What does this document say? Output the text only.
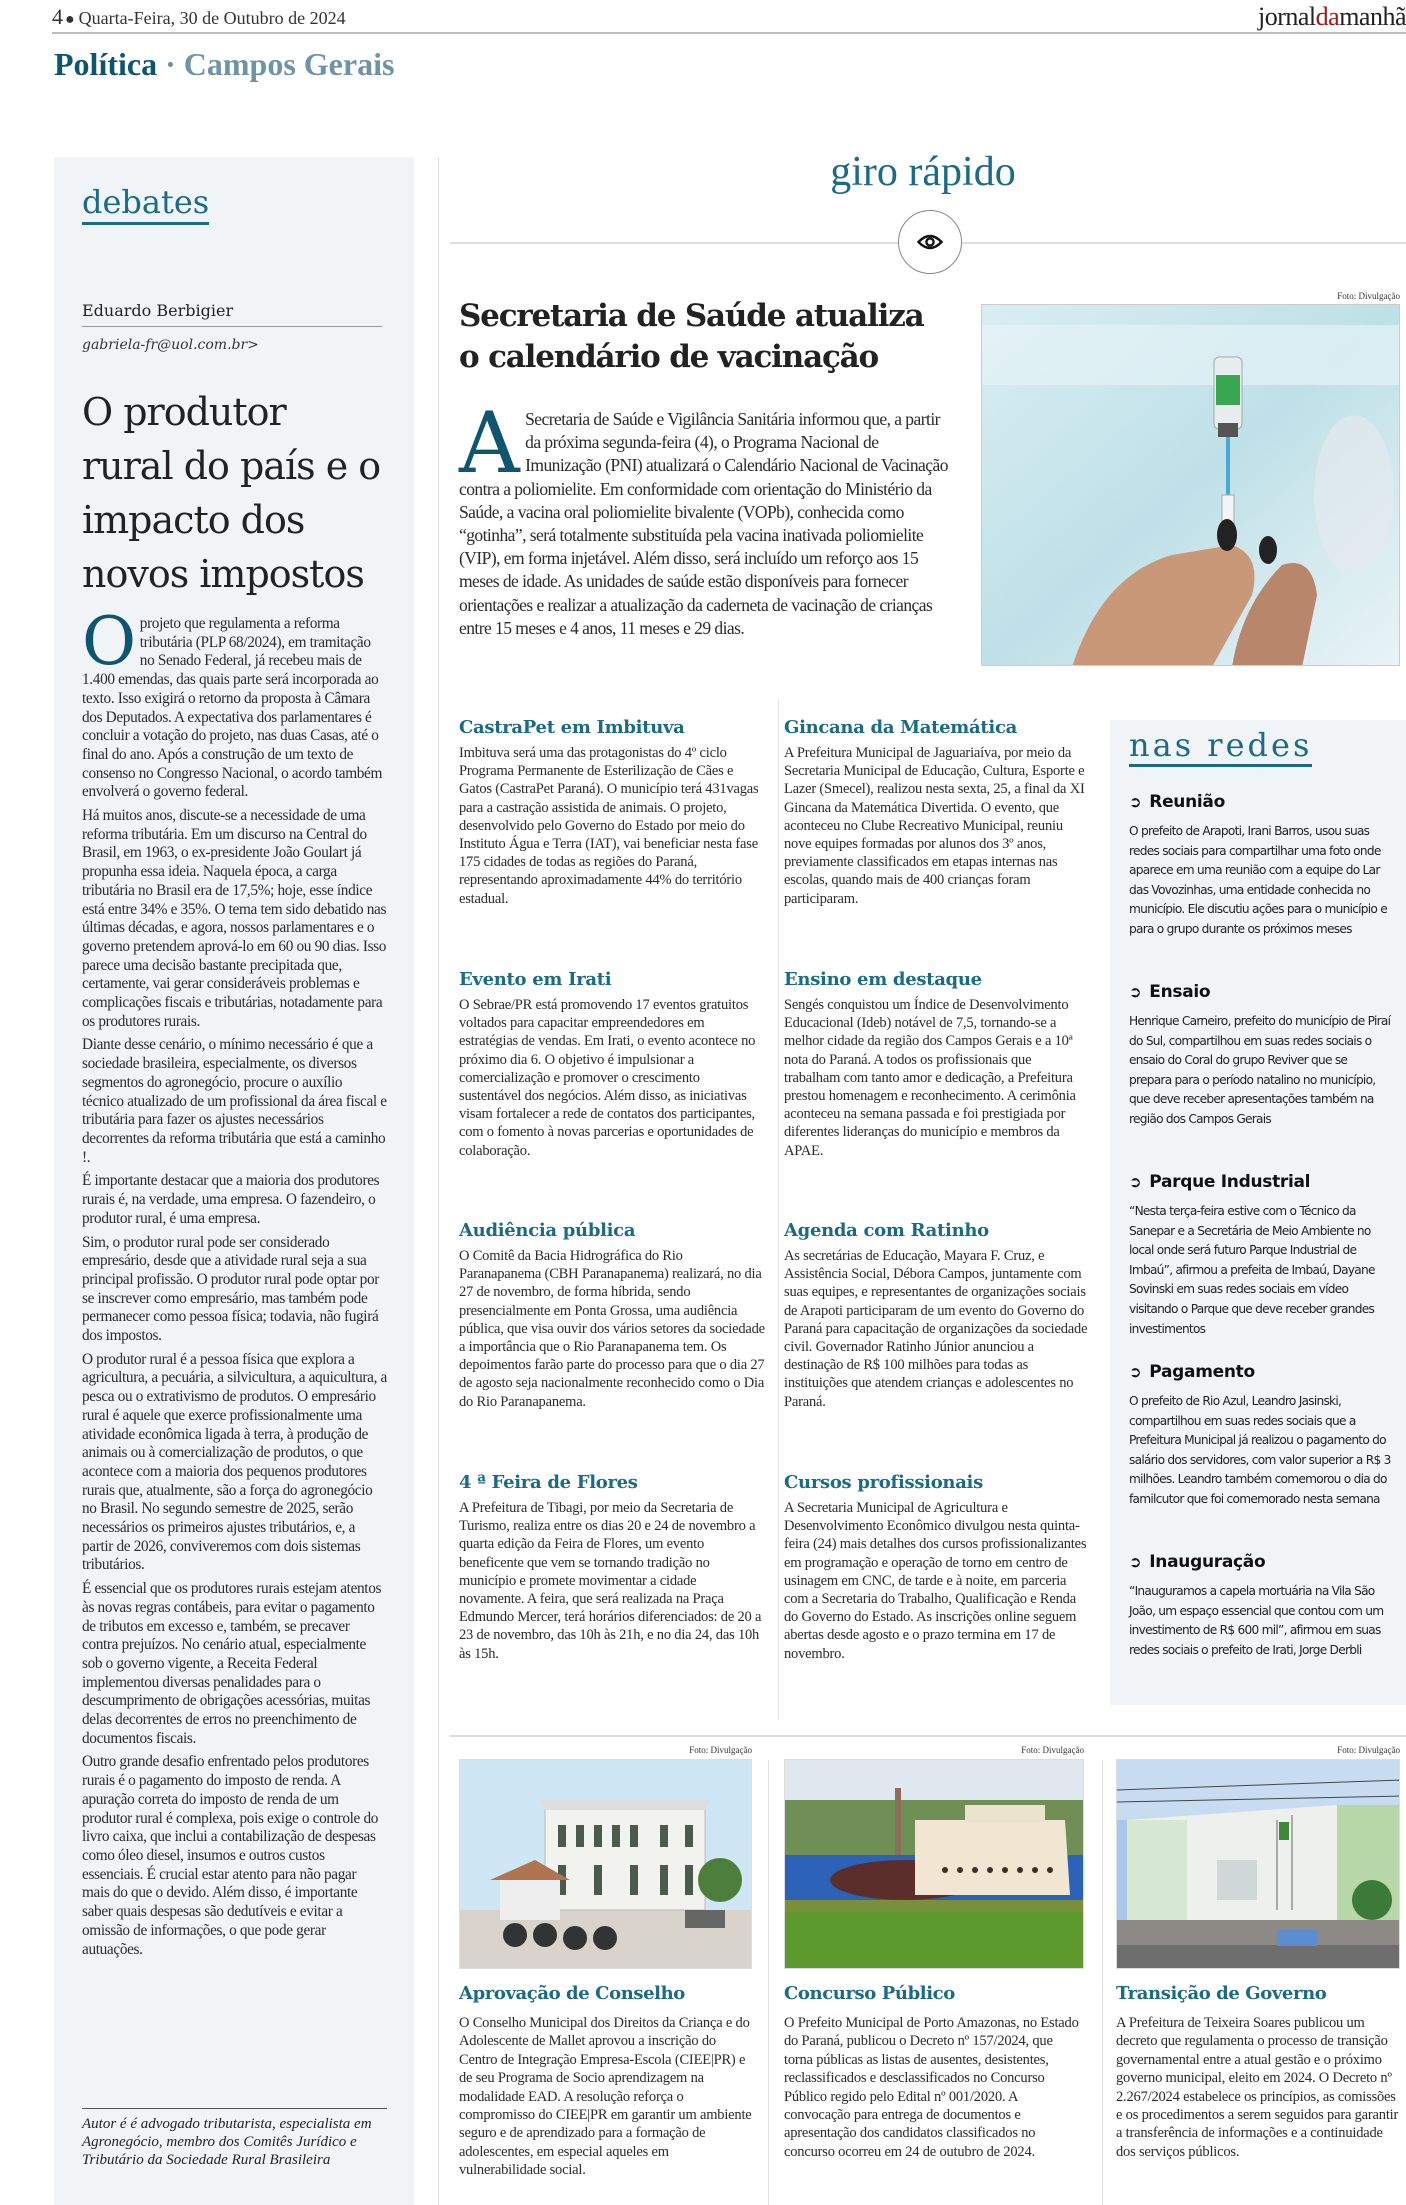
4 ● Quarta-Feira, 30 de Outubro de 2024	jornaldamanhã
Política · Campos Gerais
debates
Eduardo Berbigier
gabriela-fr@uol.com.br>
O produtor rural do país e o impacto dos novos impostos

O projeto que regulamenta a reforma tributária (PLP 68/2024), em tramitação no Senado Federal, já recebeu mais de 1.400 emendas, das quais parte será incorporada ao texto. Isso exigirá o retorno da proposta à Câmara dos Deputados. A expectativa dos parlamentares é concluir a votação do projeto, nas duas Casas, até o final do ano. Após a construção de um texto de consenso no Congresso Nacional, o acordo também envolverá o governo federal.

Há muitos anos, discute-se a necessidade de uma reforma tributária. Em um discurso na Central do Brasil, em 1963, o ex-presidente João Goulart já propunha essa ideia. Naquela época, a carga tributária no Brasil era de 17,5%; hoje, esse índice está entre 34% e 35%. O tema tem sido debatido nas últimas décadas, e agora, nossos parlamentares e o governo pretendem aprová-lo em 60 ou 90 dias. Isso parece uma decisão bastante precipitada que, certamente, vai gerar consideráveis problemas e complicações fiscais e tributárias, notadamente para os produtores rurais.

Diante desse cenário, o mínimo necessário é que a sociedade brasileira, especialmente, os diversos segmentos do agronegócio, procure o auxílio técnico atualizado de um profissional da área fiscal e tributária para fazer os ajustes necessários decorrentes da reforma tributária que está a caminho !.

É importante destacar que a maioria dos produtores rurais é, na verdade, uma empresa. O fazendeiro, o produtor rural, é uma empresa.

Sim, o produtor rural pode ser considerado empresário, desde que a atividade rural seja a sua principal profissão. O produtor rural pode optar por se inscrever como empresário, mas também pode permanecer como pessoa física; todavia, não fugirá dos impostos.

O produtor rural é a pessoa física que explora a agricultura, a pecuária, a silvicultura, a aquicultura, a pesca ou o extrativismo de produtos. O empresário rural é aquele que exerce profissionalmente uma atividade econômica ligada à terra, à produção de animais ou à comercialização de produtos, o que acontece com a maioria dos pequenos produtores rurais que, atualmente, são a força do agronegócio no Brasil. No segundo semestre de 2025, serão necessários os primeiros ajustes tributários, e, a partir de 2026, conviveremos com dois sistemas tributários.

É essencial que os produtores rurais estejam atentos às novas regras contábeis, para evitar o pagamento de tributos em excesso e, também, se precaver contra prejuízos. No cenário atual, especialmente sob o governo vigente, a Receita Federal implementou diversas penalidades para o descumprimento de obrigações acessórias, muitas delas decorrentes de erros no preenchimento de documentos fiscais.

Outro grande desafio enfrentado pelos produtores rurais é o pagamento do imposto de renda. A apuração correta do imposto de renda de um produtor rural é complexa, pois exige o controle do livro caixa, que inclui a contabilização de despesas como óleo diesel, insumos e outros custos essenciais. É crucial estar atento para não pagar mais do que o devido. Além disso, é importante saber quais despesas são dedutíveis e evitar a omissão de informações, o que pode gerar autuações.

Autor é é advogado tributarista, especialista em Agronegócio, membro dos Comitês Jurídico e Tributário da Sociedade Rural Brasileira
giro rápido
Secretaria de Saúde atualiza o calendário de vacinação
A Secretaria de Saúde e Vigilância Sanitária informou que, a partir da próxima segunda-feira (4), o Programa Nacional de Imunização (PNI) atualizará o Calendário Nacional de Vacinação contra a poliomielite. Em conformidade com orientação do Ministério da Saúde, a vacina oral poliomielite bivalente (VOPb), conhecida como “gotinha”, será totalmente substituída pela vacina inativada poliomielite (VIP), em forma injetável. Além disso, será incluído um reforço aos 15 meses de idade. As unidades de saúde estão disponíveis para fornecer orientações e realizar a atualização da caderneta de vacinação de crianças entre 15 meses e 4 anos, 11 meses e 29 dias.
Foto: Divulgação
CastraPet em Imbituva

Imbituva será uma das protagonistas do 4º ciclo Programa Permanente de Esterilização de Cães e Gatos (CastraPet Paraná). O município terá 431vagas para a castração assistida de animais. O projeto, desenvolvido pelo Governo do Estado por meio do Instituto Água e Terra (IAT), vai beneficiar nesta fase 175 cidades de todas as regiões do Paraná, representando aproximadamente 44% do território estadual.

Evento em Irati

O Sebrae/PR está promovendo 17 eventos gratuitos voltados para capacitar empreendedores em estratégias de vendas. Em Irati, o evento acontece no próximo dia 6. O objetivo é impulsionar a comercialização e promover o crescimento sustentável dos negócios. Além disso, as iniciativas visam fortalecer a rede de contatos dos participantes, com o fomento à novas parcerias e oportunidades de colaboração.

Audiência pública

O Comitê da Bacia Hidrográfica do Rio Paranapanema (CBH Paranapanema) realizará, no dia 27 de novembro, de forma híbrida, sendo presencialmente em Ponta Grossa, uma audiência pública, que visa ouvir dos vários setores da sociedade a importância que o Rio Paranapanema tem. Os depoimentos farão parte do processo para que o dia 27 de agosto seja nacionalmente reconhecido como o Dia do Rio Paranapanema.

4 ª Feira de Flores

A Prefeitura de Tibagi, por meio da Secretaria de Turismo, realiza entre os dias 20 e 24 de novembro a quarta edição da Feira de Flores, um evento beneficente que vem se tornando tradição no município e promete movimentar a cidade novamente. A feira, que será realizada na Praça Edmundo Mercer, terá horários diferenciados: de 20 a 23 de novembro, das 10h às 21h, e no dia 24, das 10h às 15h.

Gincana da Matemática

A Prefeitura Municipal de Jaguariaíva, por meio da Secretaria Municipal de Educação, Cultura, Esporte e Lazer (Smecel), realizou nesta sexta, 25, a final da XI Gincana da Matemática Divertida. O evento, que aconteceu no Clube Recreativo Municipal, reuniu nove equipes formadas por alunos dos 3º anos, previamente classificados em etapas internas nas escolas, quando mais de 400 crianças foram participaram.

Ensino em destaque

Sengés conquistou um Índice de Desenvolvimento Educacional (Ideb) notável de 7,5, tornando-se a melhor cidade da região dos Campos Gerais e a 10ª nota do Paraná. A todos os profissionais que trabalham com tanto amor e dedicação, a Prefeitura prestou homenagem e reconhecimento. A cerimônia aconteceu na semana passada e foi prestigiada por diferentes lideranças do município e membros da APAE.

Agenda com Ratinho

As secretárias de Educação, Mayara F. Cruz, e Assistência Social, Débora Campos, juntamente com suas equipes, e representantes de organizações sociais de Arapoti participaram de um evento do Governo do Paraná para capacitação de organizações da sociedade civil. Governador Ratinho Júnior anunciou a destinação de R$ 100 milhões para todas as instituições que atendem crianças e adolescentes no Paraná.

Cursos profissionais

A Secretaria Municipal de Agricultura e Desenvolvimento Econômico divulgou nesta quinta-feira (24) mais detalhes dos cursos profissionalizantes em programação e operação de torno em centro de usinagem em CNC, de tarde e à noite, em parceria com a Secretaria do Trabalho, Qualificação e Renda do Governo do Estado. As inscrições online seguem abertas desde agosto e o prazo termina em 17 de novembro.

nas redes
➲ Reunião

O prefeito de Arapoti, Irani Barros, usou suas redes sociais para compartilhar uma foto onde aparece em uma reunião com a equipe do Lar das Vovozinhas, uma entidade conhecida no município. Ele discutiu ações para o município e para o grupo durante os próximos meses

➲ Ensaio

Henrique Carneiro, prefeito do município de Piraí do Sul, compartilhou em suas redes sociais o ensaio do Coral do grupo Reviver que se prepara para o período natalino no município, que deve receber apresentações também na região dos Campos Gerais

➲ Parque Industrial

“Nesta terça-feira estive com o Técnico da Sanepar e a Secretária de Meio Ambiente no local onde será futuro Parque Industrial de Imbaú”, afirmou a prefeita de Imbaú, Dayane Sovinski em suas redes sociais em vídeo visitando o Parque que deve receber grandes investimentos

➲ Pagamento

O prefeito de Rio Azul, Leandro Jasinski, compartilhou em suas redes sociais que a Prefeitura Municipal já realizou o pagamento do salário dos servidores, com valor superior a R$ 3 milhões. Leandro também comemorou o dia do familcutor que foi comemorado nesta semana

➲ Inauguração

“Inauguramos a capela mortuária na Vila São João, um espaço essencial que contou com um investimento de R$ 600 mil”, afirmou em suas redes sociais o prefeito de Irati, Jorge Derbli

Foto: Divulgação
Aprovação de Conselho

O Conselho Municipal dos Direitos da Criança e do Adolescente de Mallet aprovou a inscrição do Centro de Integração Empresa-Escola (CIEE|PR) e de seu Programa de Socio aprendizagem na modalidade EAD. A resolução reforça o compromisso do CIEE|PR em garantir um ambiente seguro e de aprendizado para a formação de adolescentes, em especial aqueles em vulnerabilidade social.

Foto: Divulgação
Concurso Público

O Prefeito Municipal de Porto Amazonas, no Estado do Paraná, publicou o Decreto nº 157/2024, que torna públicas as listas de ausentes, desistentes, reclassificados e desclassificados no Concurso Público regido pelo Edital nº 001/2020. A convocação para entrega de documentos e apresentação dos candidatos classificados no concurso ocorreu em 24 de outubro de 2024.

Foto: Divulgação
Transição de Governo

A Prefeitura de Teixeira Soares publicou um decreto que regulamenta o processo de transição governamental entre a atual gestão e o próximo governo municipal, eleito em 2024. O Decreto nº 2.267/2024 estabelece os princípios, as comissões e os procedimentos a serem seguidos para garantir a transferência de informações e a continuidade dos serviços públicos.
